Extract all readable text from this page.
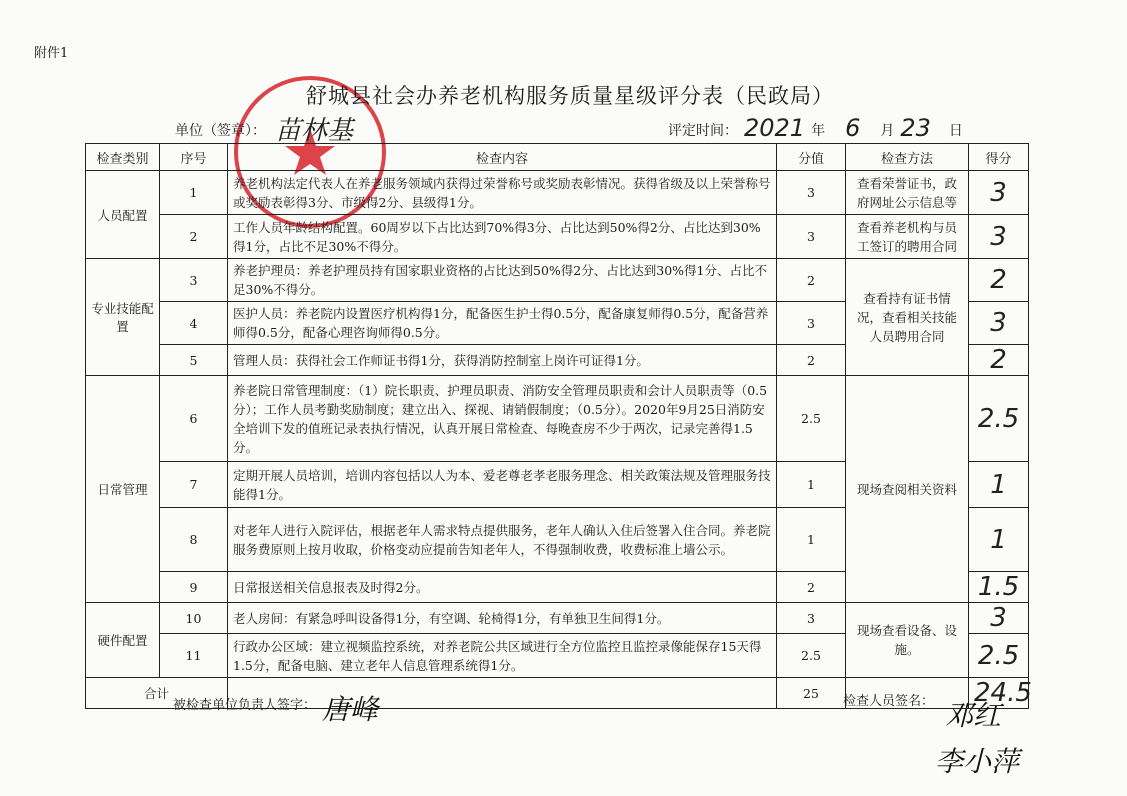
附件1
舒城县社会办养老机构服务质量星级评分表（民政局）
单位（签章）： 苗林基	评定时间： 2021 年 6 月 23 日
检查类别	序号	检查内容	分值	检查方法	得分
人员配置	1	养老机构法定代表人在养老服务领域内获得过荣誉称号或奖励表彰情况。获得省级及以上荣誉称号或奖励表彰得3分、市级得2分、县级得1分。	3	查看荣誉证书，政府网址公示信息等	3
	2	工作人员年龄结构配置。60周岁以下占比达到70%得3分、占比达到50%得2分、占比达到30%得1分，占比不足30%不得分。	3	查看养老机构与员工签订的聘用合同	3
专业技能配置	3	养老护理员：养老护理员持有国家职业资格的占比达到50%得2分、占比达到30%得1分、占比不足30%不得分。	2	查看持有证书情况，查看相关技能人员聘用合同	2
	4	医护人员：养老院内设置医疗机构得1分，配备医生护士得0.5分，配备康复师得0.5分，配备营养师得0.5分，配备心理咨询师得0.5分。	3		3
	5	管理人员：获得社会工作师证书得1分，获得消防控制室上岗许可证得1分。	2		2
日常管理	6	养老院日常管理制度：（1）院长职责、护理员职责、消防安全管理员职责和会计人员职责等（0.5分）；工作人员考勤奖励制度；建立出入、探视、请销假制度；（0.5分）。2020年9月25日消防安全培训下发的值班记录表执行情况，认真开展日常检查、每晚查房不少于两次，记录完善得1.5分。	2.5	现场查阅相关资料	2.5
	7	定期开展人员培训，培训内容包括以人为本、爱老尊老孝老服务理念、相关政策法规及管理服务技能得1分。	1		1
	8	对老年人进行入院评估，根据老年人需求特点提供服务，老年人确认入住后签署入住合同。养老院服务费原则上按月收取，价格变动应提前告知老年人，不得强制收费，收费标准上墙公示。	1		1
	9	日常报送相关信息报表及时得2分。	2		1.5
硬件配置	10	老人房间：有紧急呼叫设备得1分，有空调、轮椅得1分，有单独卫生间得1分。	3	现场查看设备、设施。	3
	11	行政办公区域：建立视频监控系统，对养老院公共区域进行全方位监控且监控录像能保存15天得1.5分，配备电脑、建立老年人信息管理系统得1分。	2.5		2.5
合计			25		24.5
被检查单位负责人签字： 唐峰	检查人员签名： 邓红
李小萍
